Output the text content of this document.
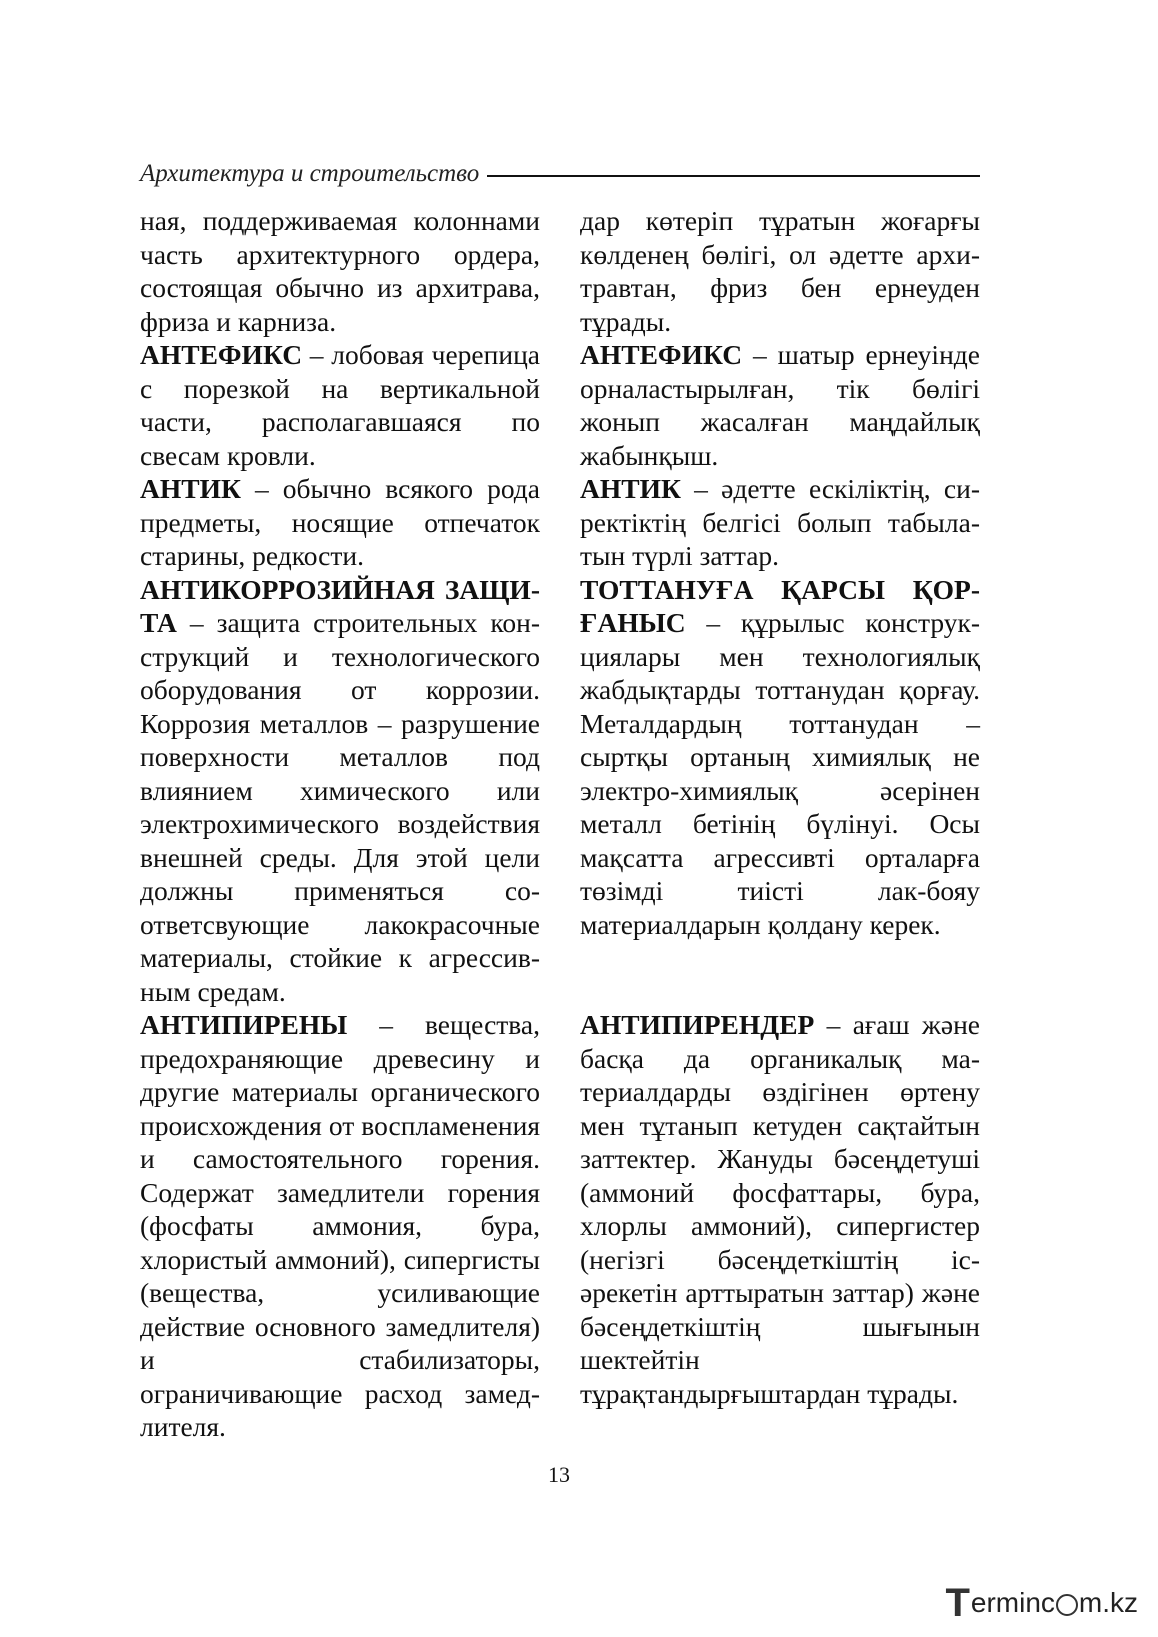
Архитектура и строительство

ная, поддерживаемая колоннами часть архитектурного ордера, состоящая обычно из архитрава, фриза и карниза.

АНТЕФИКС – лобовая черепица с порезкой на вертикальной части, располагавшаяся по свесам кровли.

АНТИК – обычно всякого рода предметы, носящие отпечаток старины, редкости.

АНТИКОРРОЗИЙНАЯ ЗАЩИТА – защита строительных конструкций и технологического оборудования от коррозии. Коррозия металлов – разрушение поверхности металлов под влиянием химического или электрохимического воздействия внешней среды. Для этой цели должны применяться соответсвующие лакокрасочные материалы, стойкие к агрессивным средам.

АНТИПИРЕНЫ – вещества, предохраняющие древесину и другие материалы органического происхождения от воспламенения и самостоятельного горения. Содержат замедлители горения (фосфаты аммония, бура, хлористый аммоний), сипергисты (вещества, усиливающие действие основного замедлителя) и стабилизаторы, ограничивающие расход замедлителя.

дар көтеріп тұратын жоғарғы көлденең бөлігі, ол әдетте архитравтан, фриз бен ернеуден тұрады.

АНТЕФИКС – шатыр ернеуінде орналастырылған, тік бөлігі жонып жасалған маңдайлық жабынқыш.

АНТИК – әдетте ескіліктің, сиректіктің белгісі болып табылатын түрлі заттар.

ТОТТАНУҒА ҚАРСЫ ҚОРҒАНЫС – құрылыс конструкциялары мен технологиялық жабдықтарды тоттанудан қорғау. Металдардың тоттанудан – сыртқы ортаның химиялық не электро-химиялық әсерінен металл бетінің бүлінуі. Осы мақсатта агрессивті орталарға төзімді тиісті лак-бояу материалдарын қолдану керек.

АНТИПИРЕНДЕР – ағаш және басқа да органикалық материалдарды өздігінен өртену мен тұтанып кетуден сақтайтын заттектер. Жануды бәсеңдетуші (аммоний фосфаттары, бура, хлорлы аммоний), сипергистер (негізгі бәсеңдеткіштің іс-әрекетін арттыратын заттар) және бәсеңдеткіштің шығынын шектейтін тұрақтандырғыштардан тұрады.

13
T erminc m.kz
